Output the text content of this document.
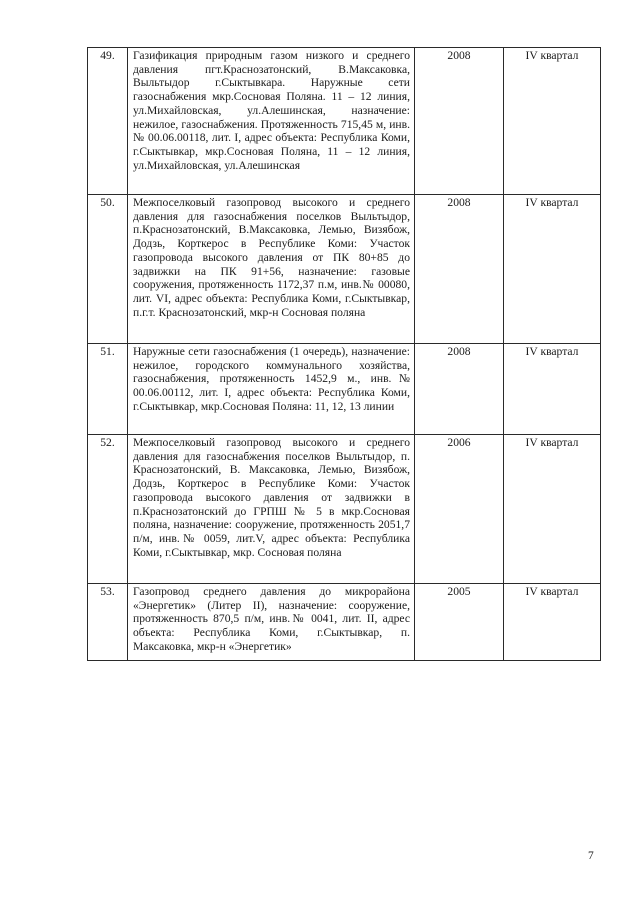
49.	Газификация природным газом низкого и среднего давления пгт.Краснозатонский, В.Максаковка, Выльтыдор г.Сыктывкара. Наружные сети газоснабжения мкр.Сосновая Поляна. 11 – 12 линия, ул.Михайловская, ул.Алешинская, назначение: нежилое, газоснабжения. Протяженность 715,45 м, инв.№ 00.06.00118, лит. I, адрес объекта: Республика Коми, г.Сыктывкар, мкр.Сосновая Поляна, 11 – 12 линия, ул.Михайловская, ул.Алешинская	2008	IV квартал
50.	Межпоселковый газопровод высокого и среднего давления для газоснабжения поселков Выльтыдор, п.Краснозатонский, В.Максаковка, Лемью, Визябож, Додзь, Корткерос в Республике Коми: Участок газопровода высокого давления от ПК 80+85 до задвижки на ПК 91+56, назначение: газовые сооружения, протяженность 1172,37 п.м, инв.№ 00080, лит. VI, адрес объекта: Республика Коми, г.Сыктывкар, п.г.т. Краснозатонский, мкр-н Сосновая поляна	2008	IV квартал
51.	Наружные сети газоснабжения (1 очередь), назначение: нежилое, городского коммунального хозяйства, газоснабжения, протяженность 1452,9 м., инв.№ 00.06.00112, лит. I, адрес объекта: Республика Коми, г.Сыктывкар, мкр.Сосновая Поляна: 11, 12, 13 линии	2008	IV квартал
52.	Межпоселковый газопровод высокого и среднего давления для газоснабжения поселков Выльтыдор, п. Краснозатонский, В. Максаковка, Лемью, Визябож, Додзь, Корткерос в Республике Коми: Участок газопровода высокого давления от задвижки в п.Краснозатонский до ГРПШ № 5 в мкр.Сосновая поляна, назначение: сооружение, протяженность 2051,7 п/м, инв.№ 0059, лит.V, адрес объекта: Республика Коми, г.Сыктывкар, мкр. Сосновая поляна	2006	IV квартал
53.	Газопровод среднего давления до микрорайона «Энергетик» (Литер II), назначение: сооружение, протяженность 870,5 п/м, инв.№ 0041, лит. II, адрес объекта: Республика Коми, г.Сыктывкар, п. Максаковка, мкр-н «Энергетик»	2005	IV квартал
7
